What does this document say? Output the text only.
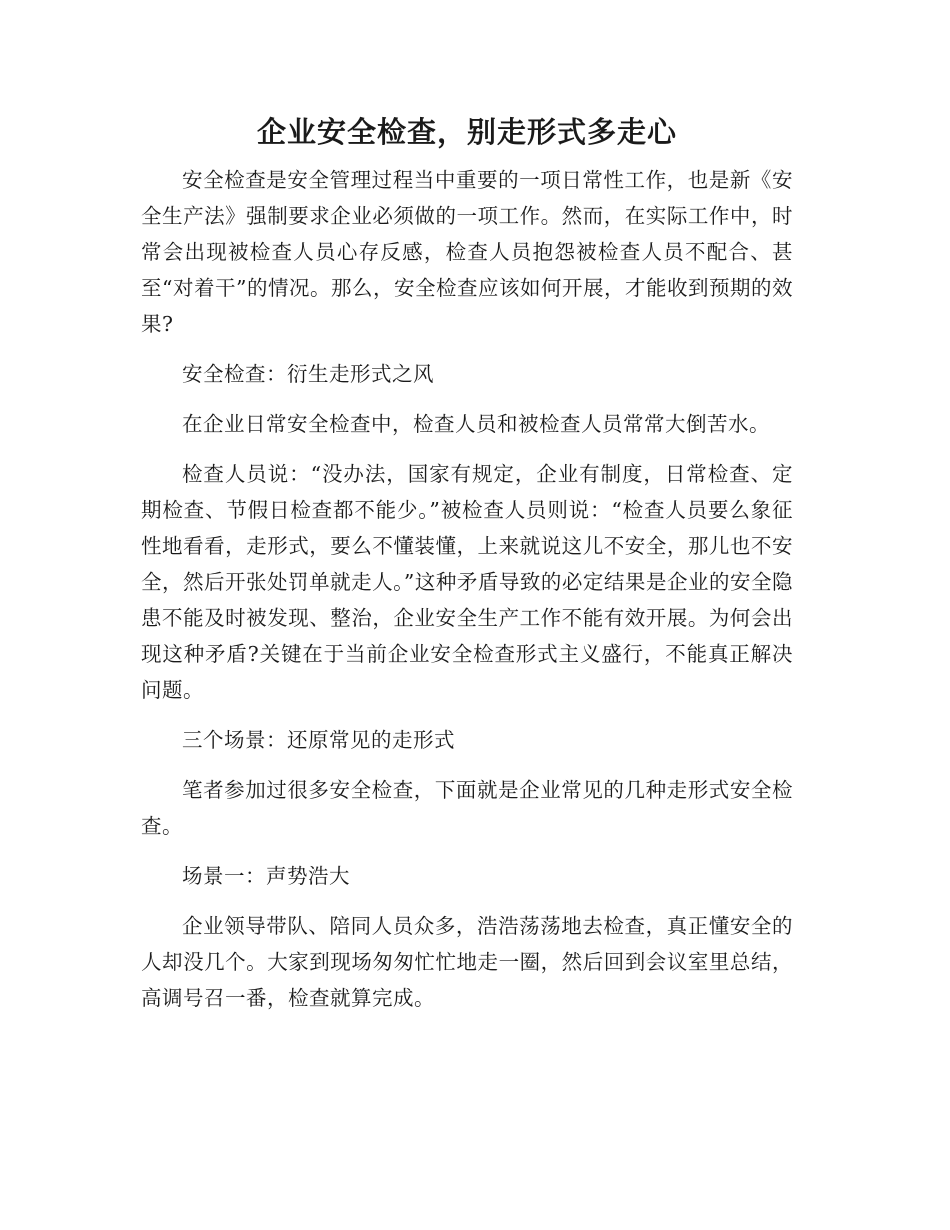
企业安全检查，别走形式多走心

安全检查是安全管理过程当中重要的一项日常性工作，也是新《安全生产法》强制要求企业必须做的一项工作。然而，在实际工作中，时常会出现被检查人员心存反感，检查人员抱怨被检查人员不配合、甚至“对着干”的情况。那么，安全检查应该如何开展，才能收到预期的效果?

安全检查：衍生走形式之风

在企业日常安全检查中，检查人员和被检查人员常常大倒苦水。

检查人员说：“没办法，国家有规定，企业有制度，日常检查、定期检查、节假日检查都不能少。”被检查人员则说：“检查人员要么象征性地看看，走形式，要么不懂装懂，上来就说这儿不安全，那儿也不安全，然后开张处罚单就走人。”这种矛盾导致的必定结果是企业的安全隐患不能及时被发现、整治，企业安全生产工作不能有效开展。为何会出现这种矛盾?关键在于当前企业安全检查形式主义盛行，不能真正解决问题。

三个场景：还原常见的走形式

笔者参加过很多安全检查，下面就是企业常见的几种走形式安全检查。

场景一：声势浩大

企业领导带队、陪同人员众多，浩浩荡荡地去检查，真正懂安全的人却没几个。大家到现场匆匆忙忙地走一圈，然后回到会议室里总结，高调号召一番，检查就算完成。
